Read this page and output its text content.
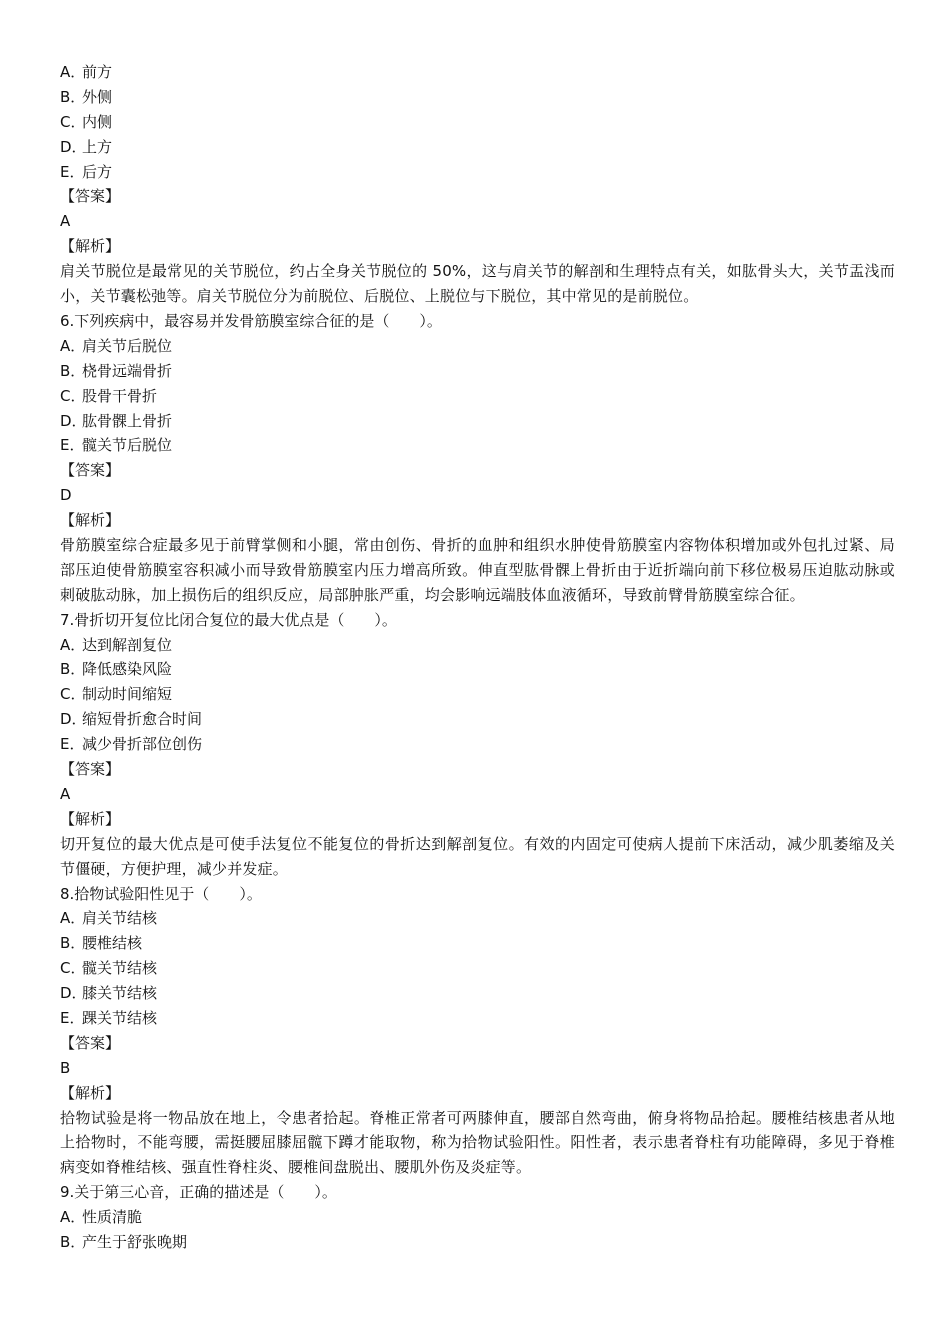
A．前方
B．外侧
C．内侧
D．上方
E．后方
【答案】
A
【解析】
肩关节脱位是最常见的关节脱位，约占全身关节脱位的 50%，这与肩关节的解剖和生理特点有关，如肱骨头大，关节盂浅而小，关节囊松弛等。肩关节脱位分为前脱位、后脱位、上脱位与下脱位，其中常见的是前脱位。
6.下列疾病中，最容易并发骨筋膜室综合征的是（　　）。
A．肩关节后脱位
B．桡骨远端骨折
C．股骨干骨折
D．肱骨髁上骨折
E．髋关节后脱位
【答案】
D
【解析】
骨筋膜室综合症最多见于前臂掌侧和小腿，常由创伤、骨折的血肿和组织水肿使骨筋膜室内容物体积增加或外包扎过紧、局部压迫使骨筋膜室容积减小而导致骨筋膜室内压力增高所致。伸直型肱骨髁上骨折由于近折端向前下移位极易压迫肱动脉或刺破肱动脉，加上损伤后的组织反应，局部肿胀严重，均会影响远端肢体血液循环，导致前臂骨筋膜室综合征。
7.骨折切开复位比闭合复位的最大优点是（　　）。
A．达到解剖复位
B．降低感染风险
C．制动时间缩短
D．缩短骨折愈合时间
E．减少骨折部位创伤
【答案】
A
【解析】
切开复位的最大优点是可使手法复位不能复位的骨折达到解剖复位。有效的内固定可使病人提前下床活动，减少肌萎缩及关节僵硬，方便护理，减少并发症。
8.拾物试验阳性见于（　　）。
A．肩关节结核
B．腰椎结核
C．髋关节结核
D．膝关节结核
E．踝关节结核
【答案】
B
【解析】
拾物试验是将一物品放在地上，令患者拾起。脊椎正常者可两膝伸直，腰部自然弯曲，俯身将物品拾起。腰椎结核患者从地上拾物时，不能弯腰，需挺腰屈膝屈髋下蹲才能取物，称为拾物试验阳性。阳性者，表示患者脊柱有功能障碍，多见于脊椎病变如脊椎结核、强直性脊柱炎、腰椎间盘脱出、腰肌外伤及炎症等。
9.关于第三心音，正确的描述是（　　）。
A．性质清脆
B．产生于舒张晚期
